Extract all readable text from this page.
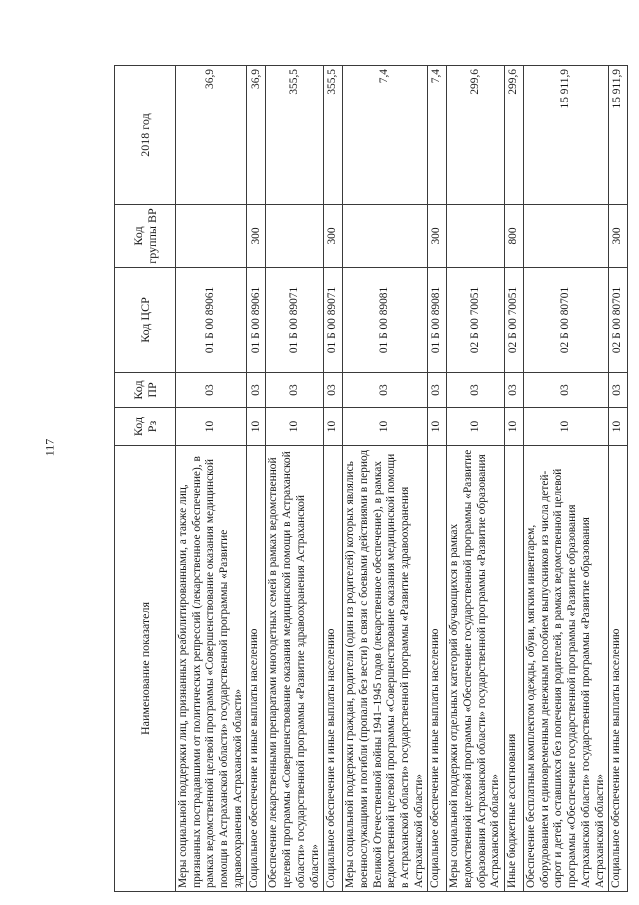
117
Наименование показателя	Код Рз	Код ПР	Код ЦСР	Код группы ВР	2018 год
Меры социальной поддержки лиц, признанных реабилитированными, а также лиц, признанных пострадавшими от политических репрессий (лекарственное обеспечение), в рамках ведомственной целевой программы «Совершенствование оказания медицинской помощи в Астраханской области» государственной программы «Развитие здравоохранения Астраханской области»	10	03	01 Б 00 89061		36,9
Социальное обеспечение и иные выплаты населению	10	03	01 Б 00 89061	300	36,9
Обеспечение лекарственными препаратами многодетных семей в рамках ведомственной целевой программы «Совершенствование оказания медицинской помощи в Астраханской области» государственной программы «Развитие здравоохранения Астраханской области»	10	03	01 Б 00 89071		355,5
Социальное обеспечение и иные выплаты населению	10	03	01 Б 00 89071	300	355,5
Меры социальной поддержки граждан, родители (один из родителей) которых являлись военнослужащими и погибли (пропали без вести) в связи с боевыми действиями в период Великой Отечественной войны 1941–1945 годов (лекарственное обеспечение), в рамках ведомственной целевой программы «Совершенствование оказания медицинской помощи в Астраханской области» государственной программы «Развитие здравоохранения Астраханской области»	10	03	01 Б 00 89081		7,4
Социальное обеспечение и иные выплаты населению	10	03	01 Б 00 89081	300	7,4
Меры социальной поддержки отдельных категорий обучающихся в рамках ведомственной целевой программы «Обеспечение государственной программы «Развитие образования Астраханской области» государственной программы «Развитие образования Астраханской области»	10	03	02 Б 00 70051		299,6
Иные бюджетные ассигнования	10	03	02 Б 00 70051	800	299,6
Обеспечение бесплатным комплектом одежды, обуви, мягким инвентарем, оборудованием и единовременным денежным пособием выпускников из числа детей-сирот и детей, оставшихся без попечения родителей, в рамках ведомственной целевой программы «Обеспечение государственной программы «Развитие образования Астраханской области» государственной программы «Развитие образования Астраханской области»	10	03	02 Б 00 80701		15 911,9
Социальное обеспечение и иные выплаты населению	10	03	02 Б 00 80701	300	15 911,9
